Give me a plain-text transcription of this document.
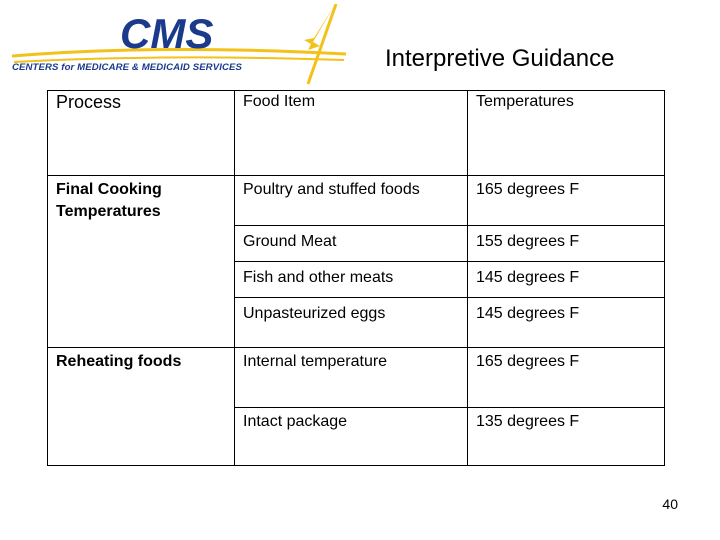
CMS
CENTERS for MEDICARE & MEDICAID SERVICES	Interpretive Guidance
Process	Food Item	Temperatures
Final Cooking Temperatures	Poultry and stuffed foods	165 degrees F
	Ground Meat	155 degrees F
	Fish and other meats	145 degrees F
	Unpasteurized eggs	145 degrees F
Reheating foods	Internal temperature	165 degrees F
	Intact package	135 degrees F
40
